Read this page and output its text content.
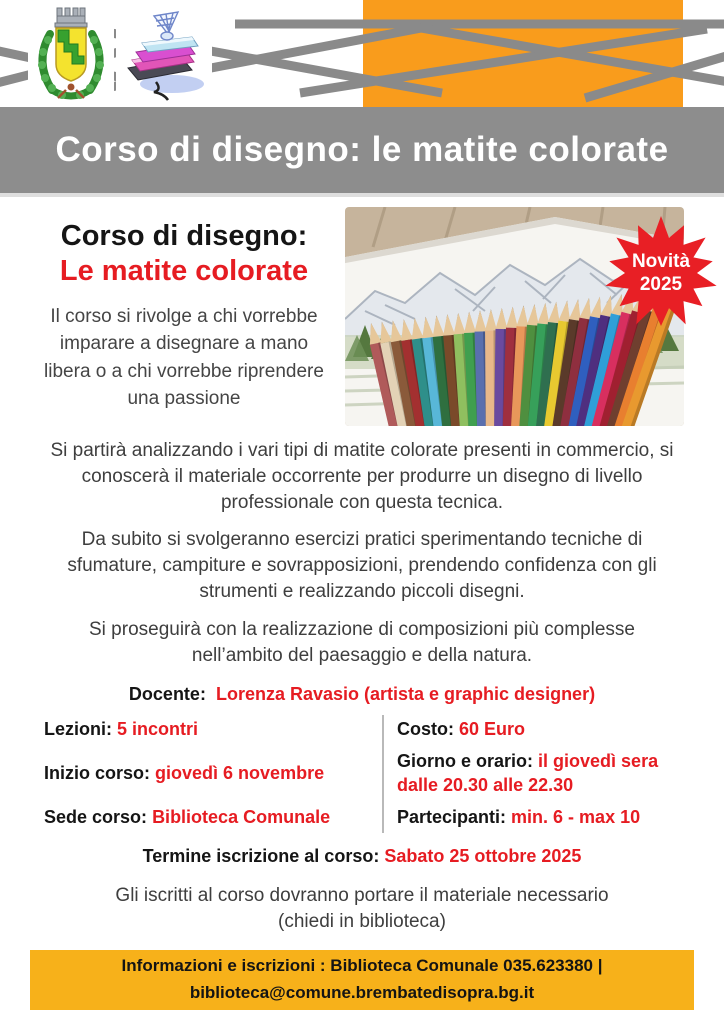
Corso di disegno: le matite colorate
Corso di disegno:
Le matite colorate
Il corso si rivolge a chi vorrebbe imparare a disegnare a mano libera o a chi vorrebbe riprendere una passione
Novità
2025

Si partirà analizzando i vari tipi di matite colorate presenti in commercio, si conoscerà il materiale occorrente per produrre un disegno di livello professionale con questa tecnica.

Da subito si svolgeranno esercizi pratici sperimentando tecniche di sfumature, campiture e sovrapposizioni, prendendo confidenza con gli strumenti e realizzando piccoli disegni.

Si proseguirà con la realizzazione di composizioni più complesse nell’ambito del paesaggio e della natura.

Docente: Lorenza Ravasio (artista e graphic designer)
Lezioni: 5 incontri
Inizio corso: giovedì 6 novembre
Sede corso: Biblioteca Comunale
Costo: 60 Euro
Giorno e orario: il giovedì sera dalle 20.30 alle 22.30
Partecipanti: min. 6 - max 10
Termine iscrizione al corso: Sabato 25 ottobre 2025
Gli iscritti al corso dovranno portare il materiale necessario
(chiedi in biblioteca)
Informazioni e iscrizioni : Biblioteca Comunale 035.623380 |
biblioteca@comune.brembatedisopra.bg.it
